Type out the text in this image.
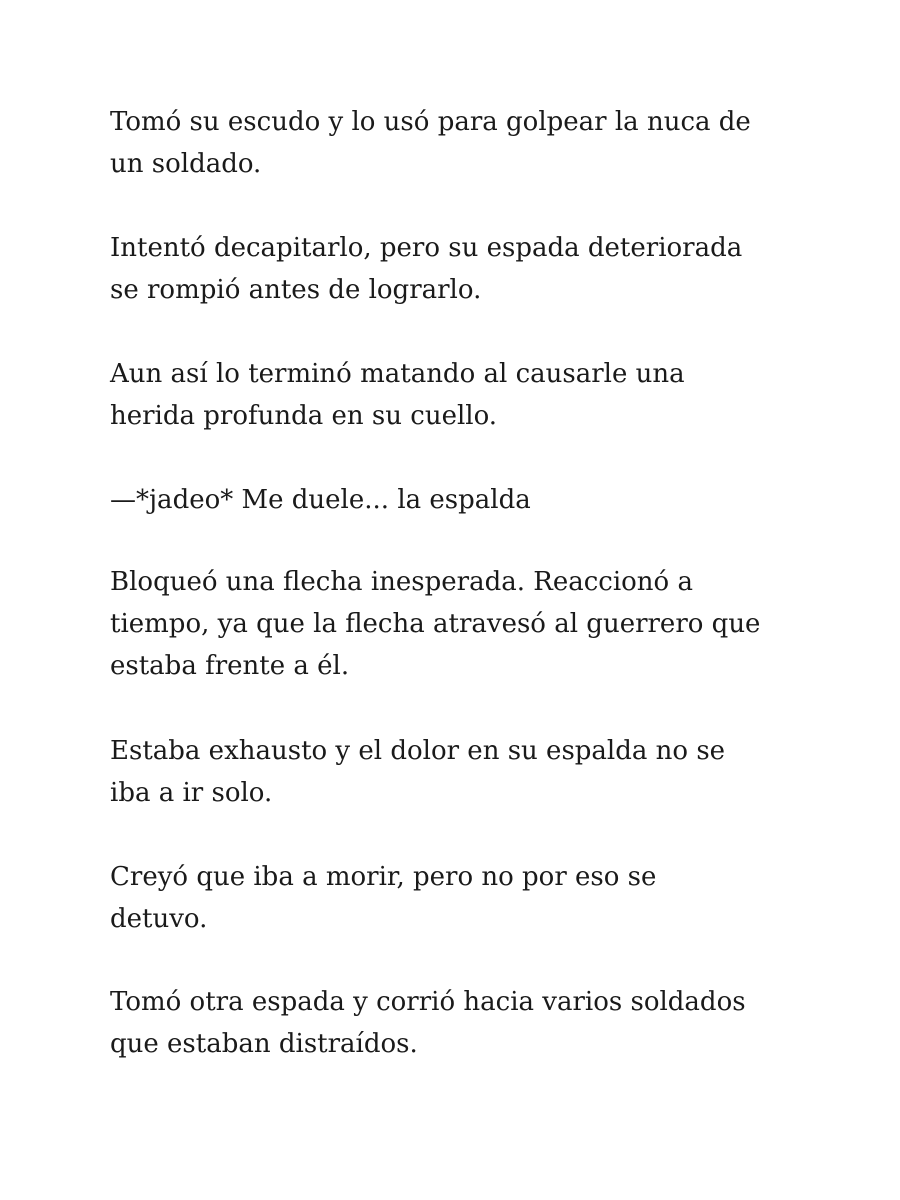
Tomó su escudo y lo usó para golpear la nuca de
un soldado.

Intentó decapitarlo, pero su espada deteriorada
se rompió antes de lograrlo.

Aun así lo terminó matando al causarle una
herida profunda en su cuello.

—*jadeo* Me duele... la espalda

Bloqueó una flecha inesperada. Reaccionó a
tiempo, ya que la flecha atravesó al guerrero que
estaba frente a él.

Estaba exhausto y el dolor en su espalda no se
iba a ir solo.

Creyó que iba a morir, pero no por eso se
detuvo.

Tomó otra espada y corrió hacia varios soldados
que estaban distraídos.
